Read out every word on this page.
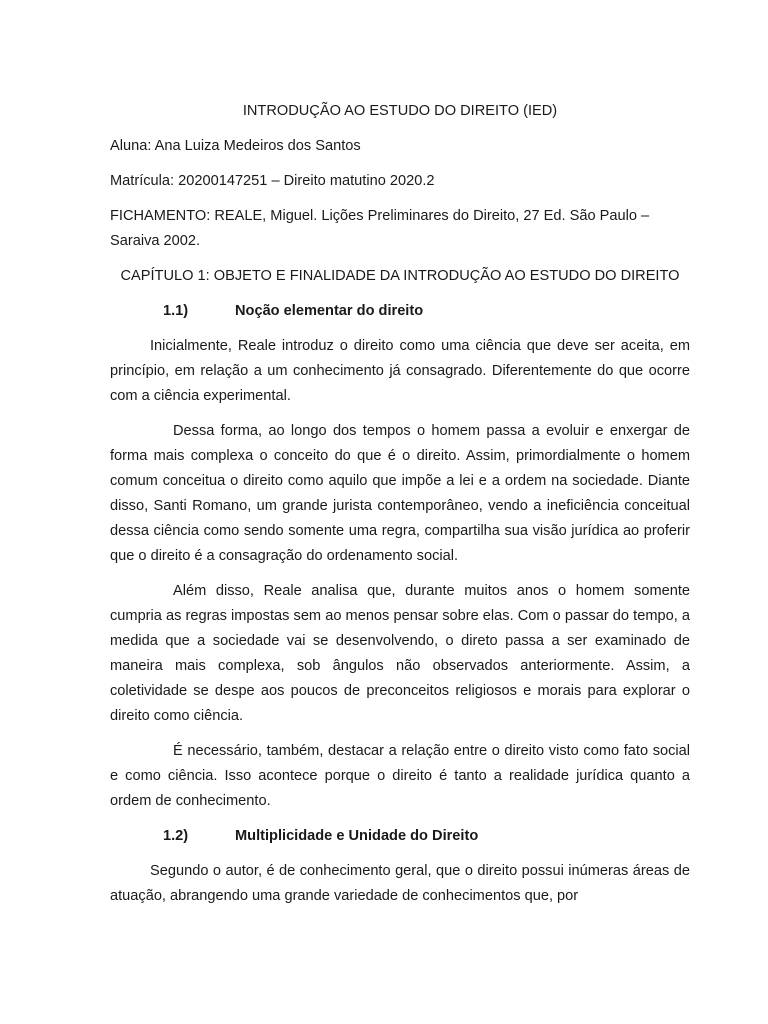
INTRODUÇÃO AO ESTUDO DO DIREITO (IED)

Aluna: Ana Luiza Medeiros dos Santos

Matrícula: 20200147251 – Direito matutino 2020.2

FICHAMENTO: REALE, Miguel. Lições Preliminares do Direito, 27 Ed. São Paulo – Saraiva 2002.

CAPÍTULO 1: OBJETO E FINALIDADE DA INTRODUÇÃO AO ESTUDO DO DIREITO

1.1)	Noção elementar do direito

Inicialmente, Reale introduz o direito como uma ciência que deve ser aceita, em princípio, em relação a um conhecimento já consagrado. Diferentemente do que ocorre com a ciência experimental.

Dessa forma, ao longo dos tempos o homem passa a evoluir e enxergar de forma mais complexa o conceito do que é o direito. Assim, primordialmente o homem comum conceitua o direito como aquilo que impõe a lei e a ordem na sociedade. Diante disso, Santi Romano, um grande jurista contemporâneo, vendo a ineficiência conceitual dessa ciência como sendo somente uma regra, compartilha sua visão jurídica ao proferir que o direito é a consagração do ordenamento social.

Além disso, Reale analisa que, durante muitos anos o homem somente cumpria as regras impostas sem ao menos pensar sobre elas. Com o passar do tempo, a medida que a sociedade vai se desenvolvendo, o direto passa a ser examinado de maneira mais complexa, sob ângulos não observados anteriormente. Assim, a coletividade se despe aos poucos de preconceitos religiosos e morais para explorar o direito como ciência.

É necessário, também, destacar a relação entre o direito visto como fato social e como ciência. Isso acontece porque o direito é tanto a realidade jurídica quanto a ordem de conhecimento.

1.2)	Multiplicidade e Unidade do Direito

Segundo o autor, é de conhecimento geral, que o direito possui inúmeras áreas de atuação, abrangendo uma grande variedade de conhecimentos que, por
